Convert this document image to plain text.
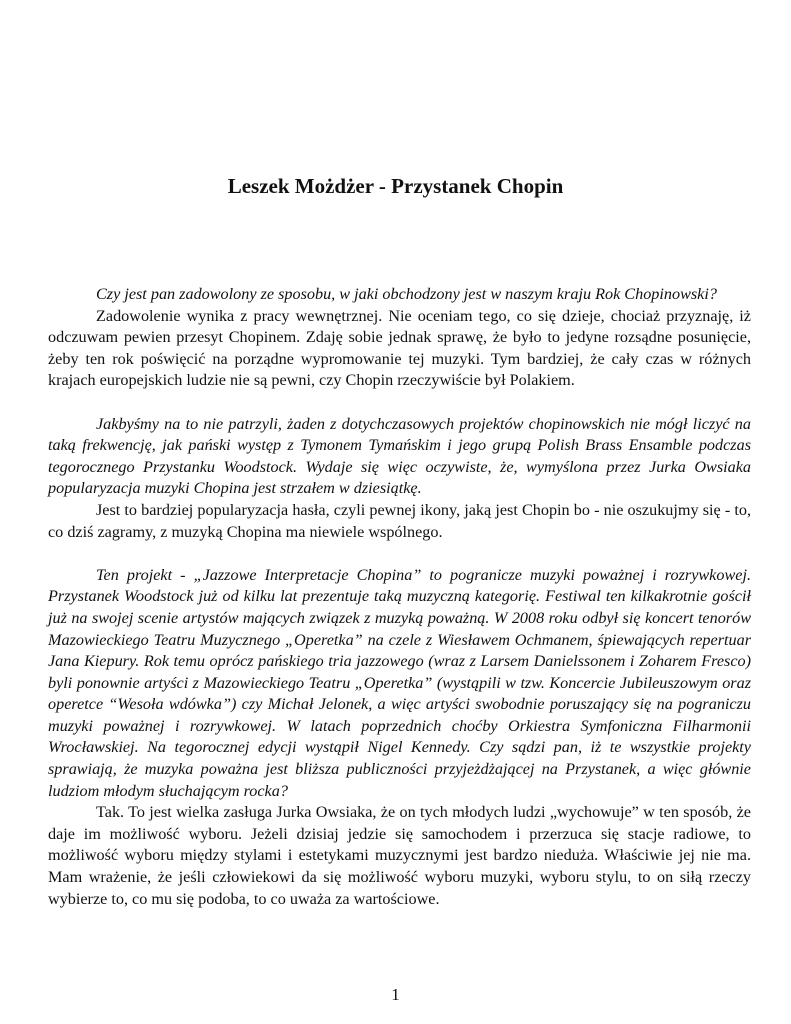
Leszek Możdżer - Przystanek Chopin

Czy jest pan zadowolony ze sposobu, w jaki obchodzony jest w naszym kraju Rok Chopinowski?

Zadowolenie wynika z pracy wewnętrznej. Nie oceniam tego, co się dzieje, chociaż przyznaję, iż odczuwam pewien przesyt Chopinem. Zdaję sobie jednak sprawę, że było to jedyne rozsądne posunięcie, żeby ten rok poświęcić na porządne wypromowanie tej muzyki. Tym bardziej, że cały czas w różnych krajach europejskich ludzie nie są pewni, czy Chopin rzeczywiście był Polakiem.

Jakbyśmy na to nie patrzyli, żaden z dotychczasowych projektów chopinowskich nie mógł liczyć na taką frekwencję, jak pański występ z Tymonem Tymańskim i jego grupą Polish Brass Ensamble podczas tegorocznego Przystanku Woodstock. Wydaje się więc oczywiste, że, wymyślona przez Jurka Owsiaka popularyzacja muzyki Chopina jest strzałem w dziesiątkę.

Jest to bardziej popularyzacja hasła, czyli pewnej ikony, jaką jest Chopin bo - nie oszukujmy się - to, co dziś zagramy, z muzyką Chopina ma niewiele wspólnego.

Ten projekt - „Jazzowe Interpretacje Chopina” to pogranicze muzyki poważnej i rozrywkowej. Przystanek Woodstock już od kilku lat prezentuje taką muzyczną kategorię. Festiwal ten kilkakrotnie gościł już na swojej scenie artystów mających związek z muzyką poważną. W 2008 roku odbył się koncert tenorów Mazowieckiego Teatru Muzycznego „Operetka” na czele z Wiesławem Ochmanem, śpiewających repertuar Jana Kiepury. Rok temu oprócz pańskiego tria jazzowego (wraz z Larsem Danielssonem i Zoharem Fresco) byli ponownie artyści z Mazowieckiego Teatru „Operetka” (wystąpili w tzw. Koncercie Jubileuszowym oraz operetce “Wesoła wdówka”) czy Michał Jelonek, a więc artyści swobodnie poruszający się na pograniczu muzyki poważnej i rozrywkowej. W latach poprzednich choćby Orkiestra Symfoniczna Filharmonii Wrocławskiej. Na tegorocznej edycji wystąpił Nigel Kennedy. Czy sądzi pan, iż te wszystkie projekty sprawiają, że muzyka poważna jest bliższa publiczności przyjeżdżającej na Przystanek, a więc głównie ludziom młodym słuchającym rocka?

Tak. To jest wielka zasługa Jurka Owsiaka, że on tych młodych ludzi „wychowuje” w ten sposób, że daje im możliwość wyboru. Jeżeli dzisiaj jedzie się samochodem i przerzuca się stacje radiowe, to możliwość wyboru między stylami i estetykami muzycznymi jest bardzo nieduża. Właściwie jej nie ma. Mam wrażenie, że jeśli człowiekowi da się możliwość wyboru muzyki, wyboru stylu, to on siłą rzeczy wybierze to, co mu się podoba, to co uważa za wartościowe.

1
